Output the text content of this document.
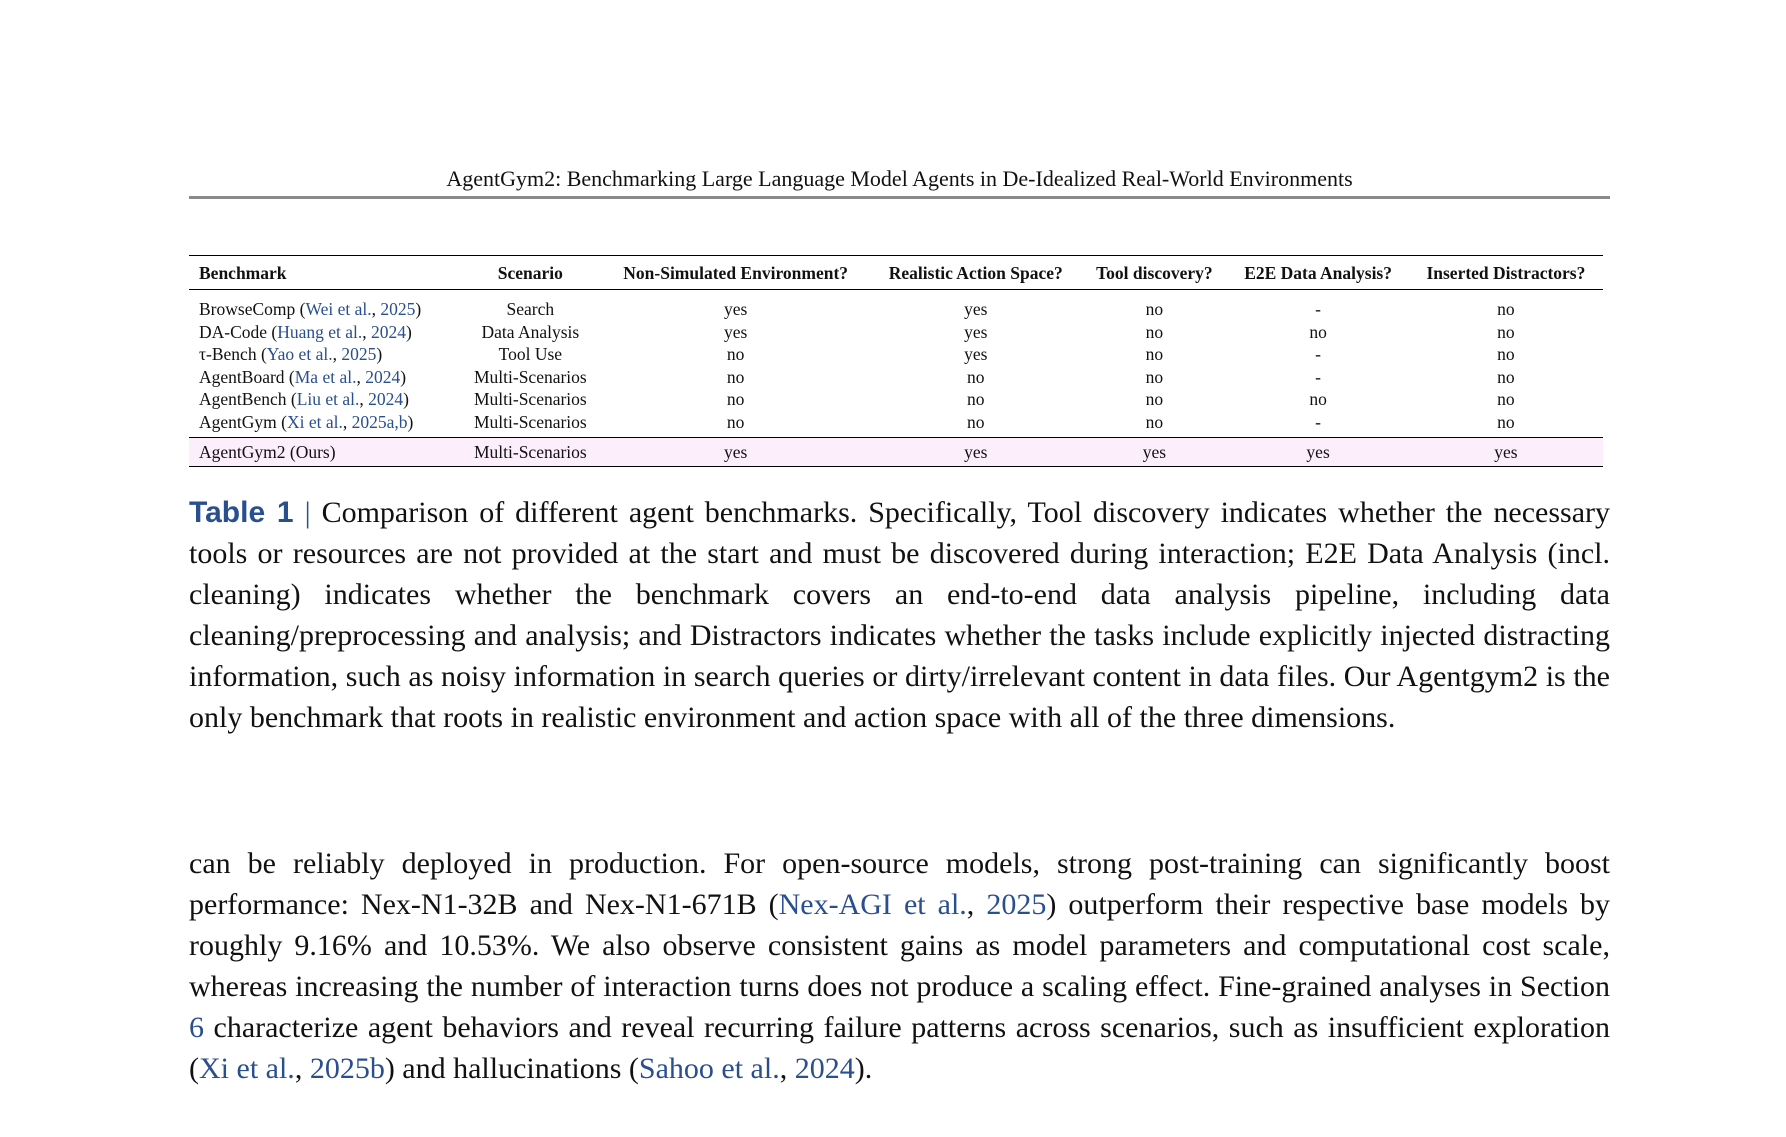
AgentGym2: Benchmarking Large Language Model Agents in De-Idealized Real-World Environments
Benchmark	Scenario	Non-Simulated Environment?	Realistic Action Space?	Tool discovery?	E2E Data Analysis?	Inserted Distractors?
BrowseComp (Wei et al., 2025)	Search	yes	yes	no	-	no
DA-Code (Huang et al., 2024)	Data Analysis	yes	yes	no	no	no
τ-Bench (Yao et al., 2025)	Tool Use	no	yes	no	-	no
AgentBoard (Ma et al., 2024)	Multi-Scenarios	no	no	no	-	no
AgentBench (Liu et al., 2024)	Multi-Scenarios	no	no	no	no	no
AgentGym (Xi et al., 2025a,b)	Multi-Scenarios	no	no	no	-	no
AgentGym2 (Ours)	Multi-Scenarios	yes	yes	yes	yes	yes
Table 1 | Comparison of different agent benchmarks. Specifically, Tool discovery indicates whether the necessary tools or resources are not provided at the start and must be discovered during interaction; E2E Data Analysis (incl. cleaning) indicates whether the benchmark covers an end-to-end data analysis pipeline, including data cleaning/preprocessing and analysis; and Distractors indicates whether the tasks include explicitly injected distracting information, such as noisy information in search queries or dirty/irrelevant content in data files. Our Agentgym2 is the only benchmark that roots in realistic environment and action space with all of the three dimensions.
can be reliably deployed in production. For open-source models, strong post-training can significantly boost performance: Nex-N1-32B and Nex-N1-671B (Nex-AGI et al., 2025) outperform their respective base models by roughly 9.16% and 10.53%. We also observe consistent gains as model parameters and computational cost scale, whereas increasing the number of interaction turns does not produce a scaling effect. Fine-grained analyses in Section 6 characterize agent behaviors and reveal recurring failure patterns across scenarios, such as insufficient exploration (Xi et al., 2025b) and hallucinations (Sahoo et al., 2024).
